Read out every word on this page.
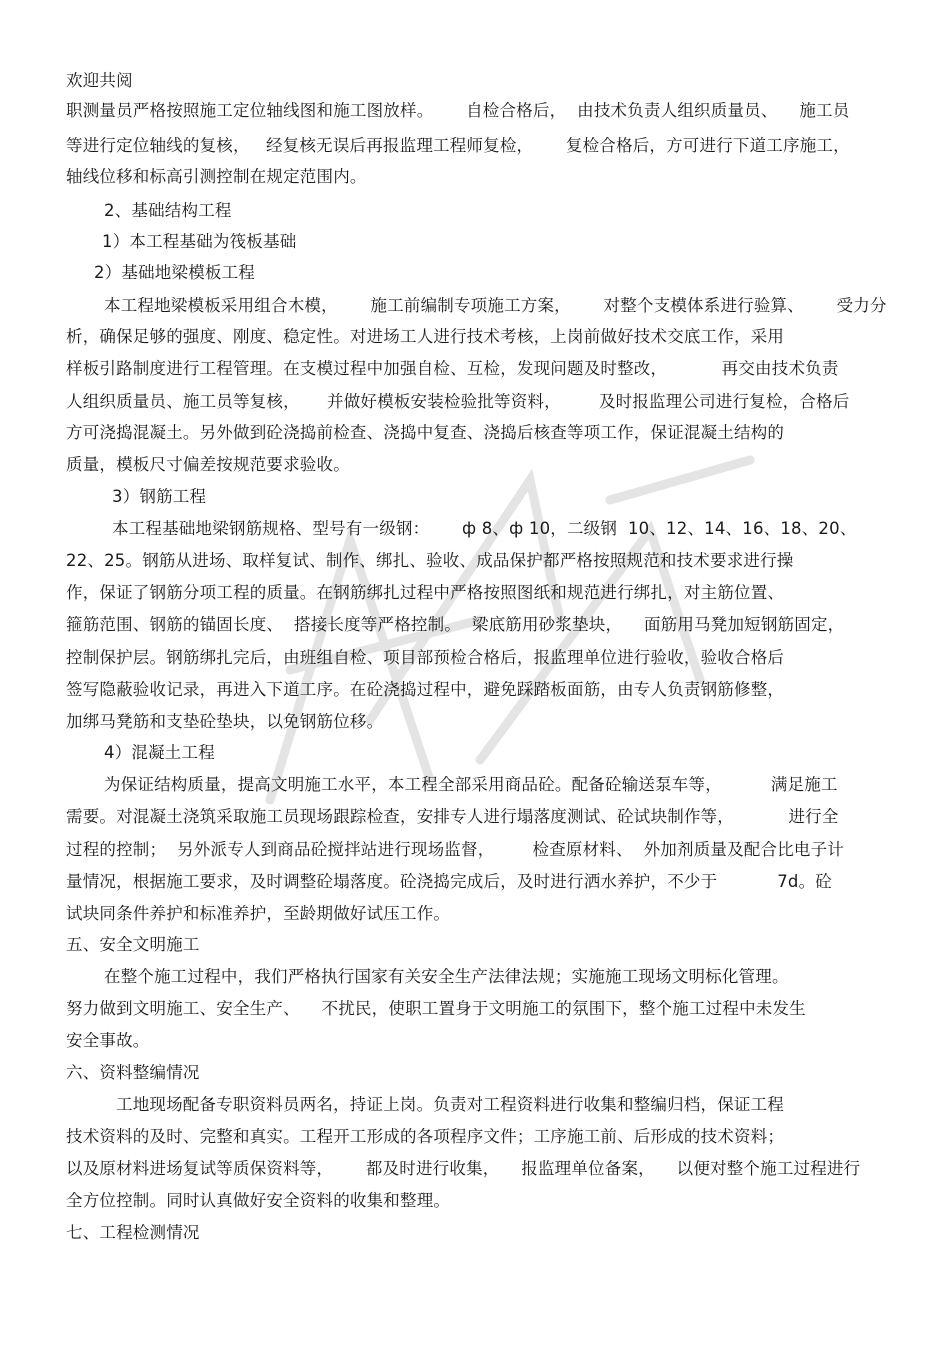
欢迎共阅
职测量员严格按照施工定位轴线图和施工图放样。      自检合格后，  由技术负责人组织质量员、    施工员
等进行定位轴线的复核，   经复核无误后再报监理工程师复检，      复检合格后，方可进行下道工序施工，
轴线位移和标高引测控制在规定范围内。
2、基础结构工程
1）本工程基础为筏板基础
2）基础地梁模板工程
本工程地梁模板采用组合木模，      施工前编制专项施工方案，      对整个支模体系进行验算、      受力分
析，确保足够的强度、刚度、稳定性。对进场工人进行技术考核，上岗前做好技术交底工作，采用
样板引路制度进行工程管理。在支模过程中加强自检、互检，发现问题及时整改，          再交由技术负责
人组织质量员、施工员等复核，     并做好模板安装检验批等资料，       及时报监理公司进行复检，合格后
方可浇捣混凝土。另外做到砼浇捣前检查、浇捣中复查、浇捣后核查等项工作，保证混凝土结构的
质量，模板尺寸偏差按规范要求验收。
3）钢筋工程
本工程基础地梁钢筋规格、型号有一级钢：      ф 8、ф 10，二级钢  10、12、14、16、18、20、
22、25。钢筋从进场、取样复试、制作、绑扎、验收、成品保护都严格按照规范和技术要求进行操
作，保证了钢筋分项工程的质量。在钢筋绑扎过程中严格按照图纸和规范进行绑扎，对主筋位置、
箍筋范围、钢筋的锚固长度、  搭接长度等严格控制。  梁底筋用砂浆垫块，    面筋用马凳加短钢筋固定，
控制保护层。钢筋绑扎完后，由班组自检、项目部预检合格后，报监理单位进行验收，验收合格后
签写隐蔽验收记录，再进入下道工序。在砼浇捣过程中，避免踩踏板面筋，由专人负责钢筋修整，
加绑马凳筋和支垫砼垫块，以免钢筋位移。
4）混凝土工程
为保证结构质量，提高文明施工水平，本工程全部采用商品砼。配备砼输送泵车等，         满足施工
需要。对混凝土浇筑采取施工员现场跟踪检查，安排专人进行塌落度测试、砼试块制作等，          进行全
过程的控制；  另外派专人到商品砼搅拌站进行现场监督，       检查原材料、  外加剂质量及配合比电子计
量情况，根据施工要求，及时调整砼塌落度。砼浇捣完成后，及时进行洒水养护，不少于           7d。砼
试块同条件养护和标准养护，至龄期做好试压工作。
五、安全文明施工
在整个施工过程中，我们严格执行国家有关安全生产法律法规；实施施工现场文明标化管理。
努力做到文明施工、安全生产、    不扰民，使职工置身于文明施工的氛围下，整个施工过程中未发生
安全事故。
六、资料整编情况
工地现场配备专职资料员两名，持证上岗。负责对工程资料进行收集和整编归档，保证工程
技术资料的及时、完整和真实。工程开工形成的各项程序文件；工序施工前、后形成的技术资料；
以及原材料进场复试等质保资料等，      都及时进行收集，    报监理单位备案，    以便对整个施工过程进行
全方位控制。同时认真做好安全资料的收集和整理。
七、工程检测情况
